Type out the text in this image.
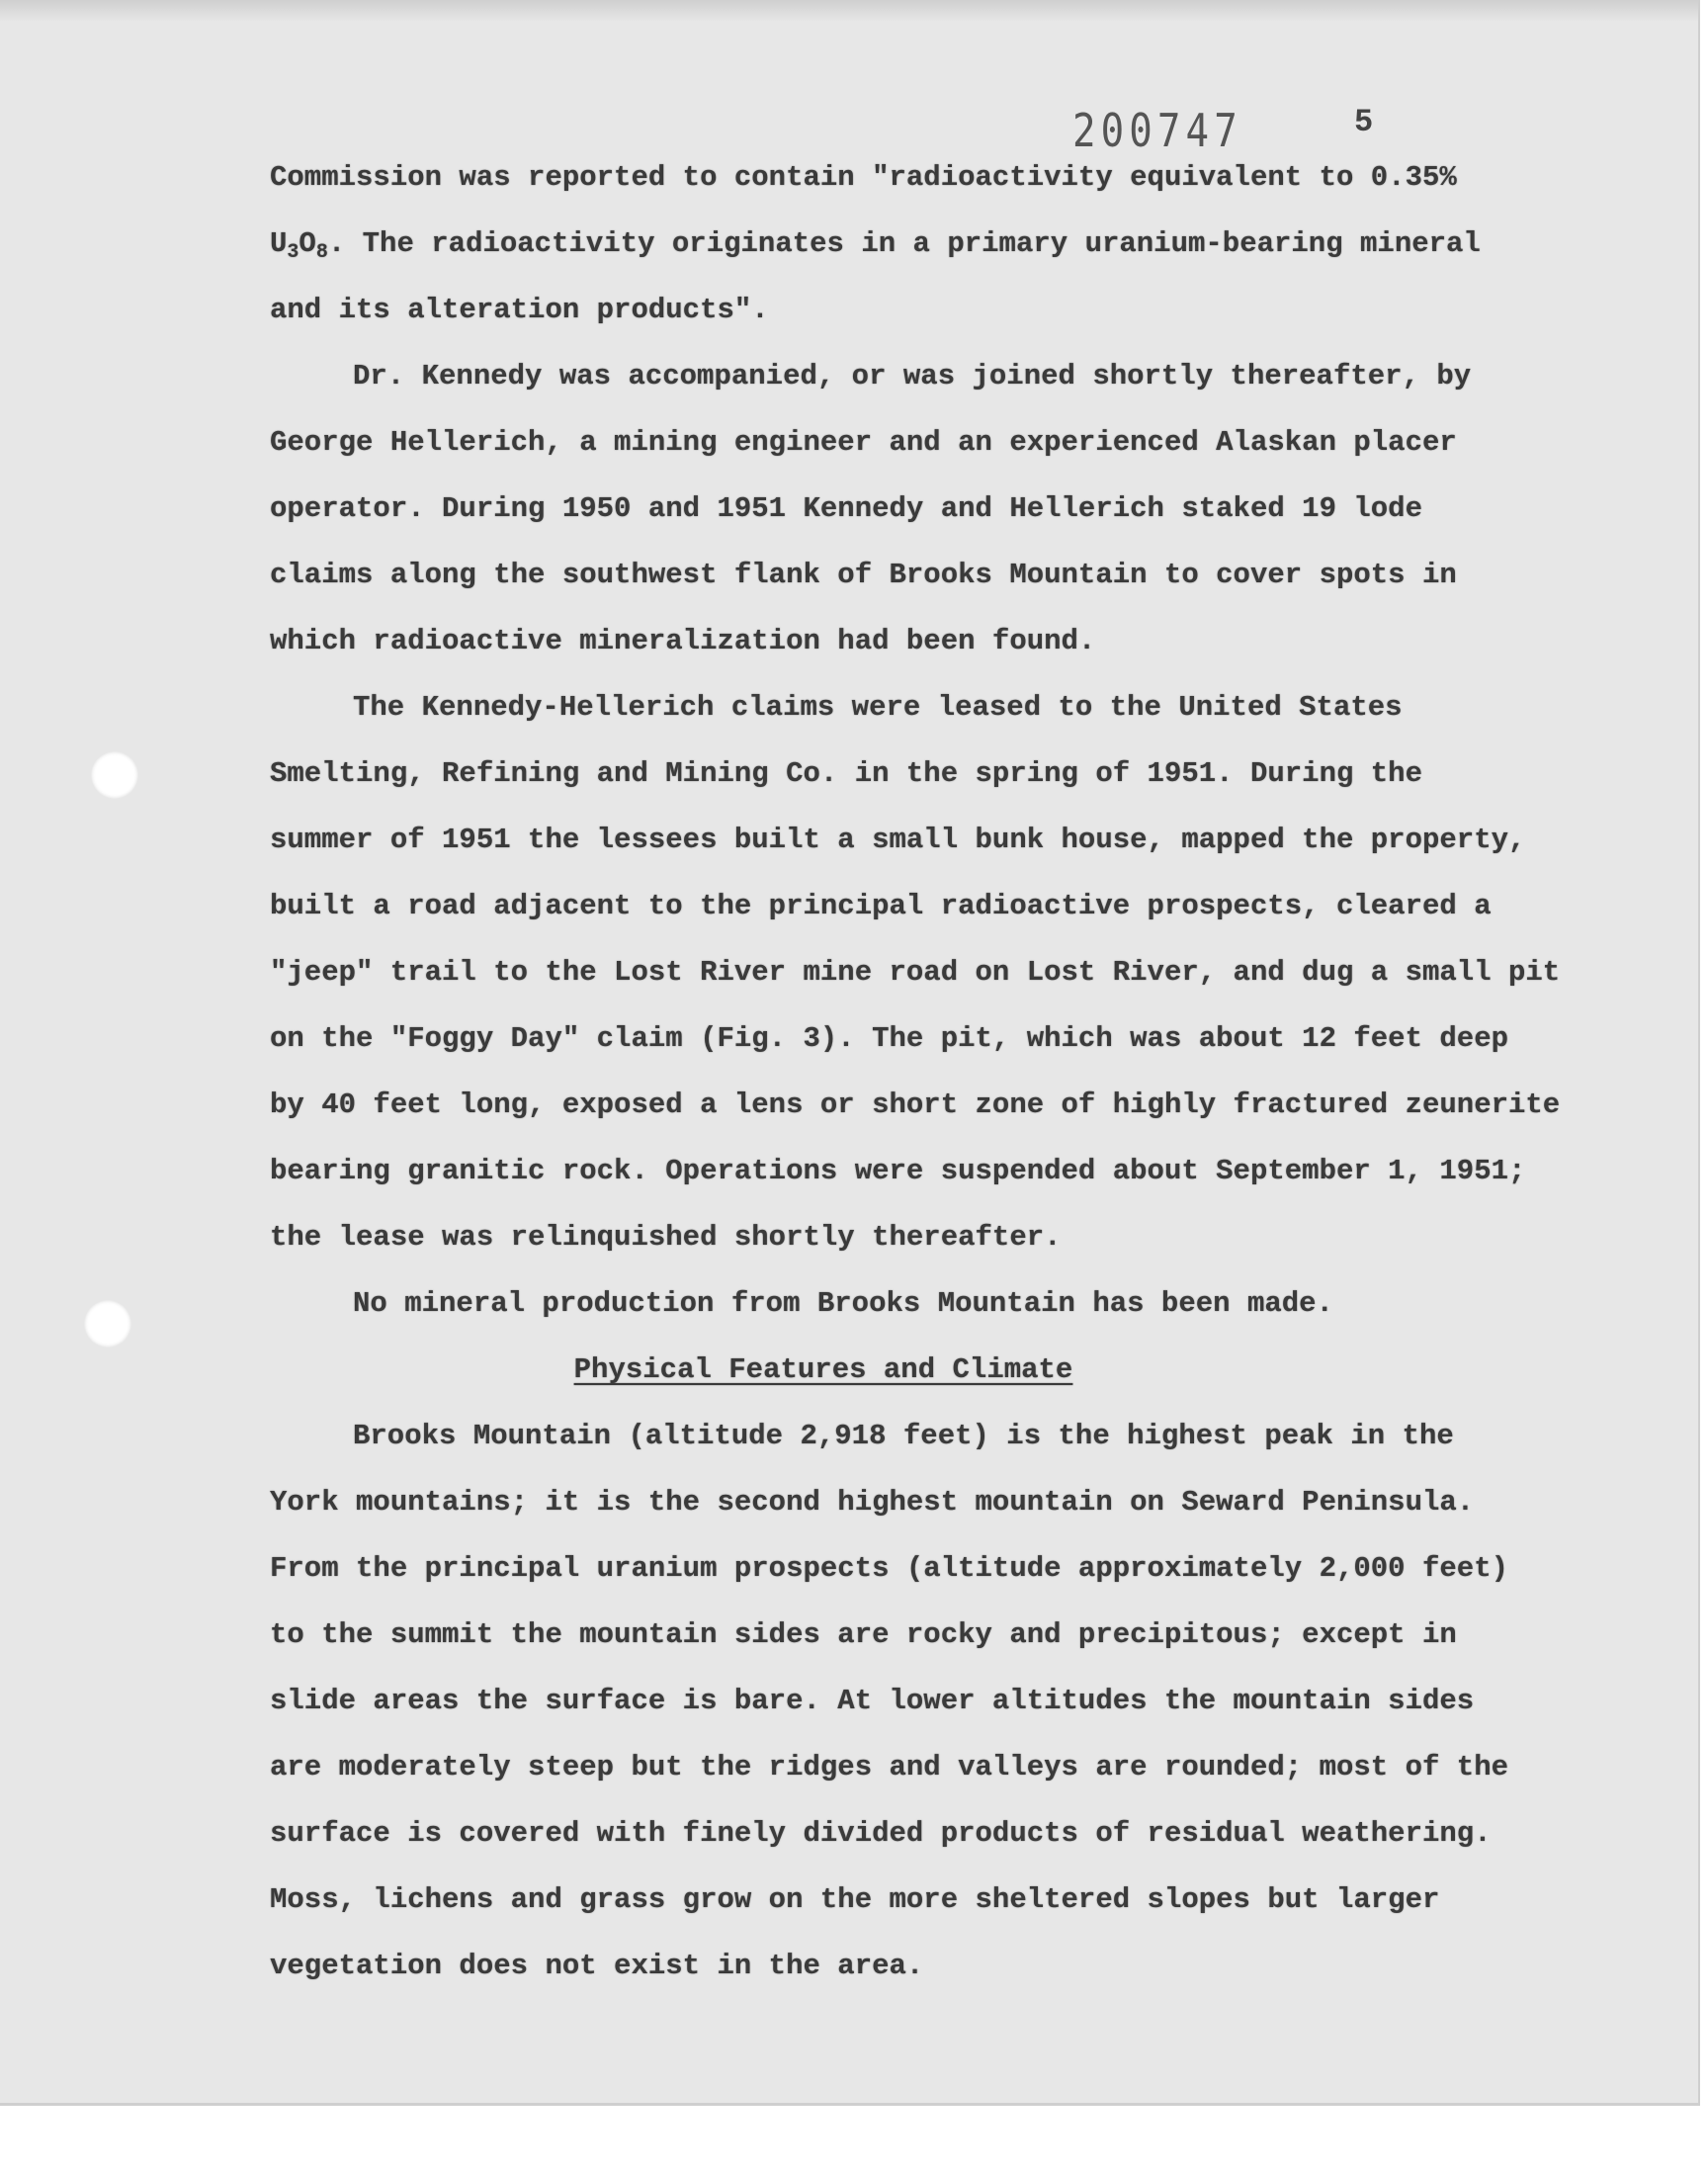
200747	5
Commission was reported to contain "radioactivity equivalent to 0.35%
$U_3O_8$. The radioactivity originates in a primary uranium-bearing mineral
and its alteration products".
Dr. Kennedy was accompanied, or was joined shortly thereafter, by
George Hellerich, a mining engineer and an experienced Alaskan placer
operator. During 1950 and 1951 Kennedy and Hellerich staked 19 lode
claims along the southwest flank of Brooks Mountain to cover spots in
which radioactive mineralization had been found.
The Kennedy-Hellerich claims were leased to the United States
Smelting, Refining and Mining Co. in the spring of 1951. During the
summer of 1951 the lessees built a small bunk house, mapped the property,
built a road adjacent to the principal radioactive prospects, cleared a
"jeep" trail to the Lost River mine road on Lost River, and dug a small pit
on the "Foggy Day" claim (Fig. 3). The pit, which was about 12 feet deep
by 40 feet long, exposed a lens or short zone of highly fractured zeunerite
bearing granitic rock. Operations were suspended about September 1, 1951;
the lease was relinquished shortly thereafter.
No mineral production from Brooks Mountain has been made.
Physical Features and Climate
Brooks Mountain (altitude 2,918 feet) is the highest peak in the
York mountains; it is the second highest mountain on Seward Peninsula.
From the principal uranium prospects (altitude approximately 2,000 feet)
to the summit the mountain sides are rocky and precipitous; except in
slide areas the surface is bare. At lower altitudes the mountain sides
are moderately steep but the ridges and valleys are rounded; most of the
surface is covered with finely divided products of residual weathering.
Moss, lichens and grass grow on the more sheltered slopes but larger
vegetation does not exist in the area.
